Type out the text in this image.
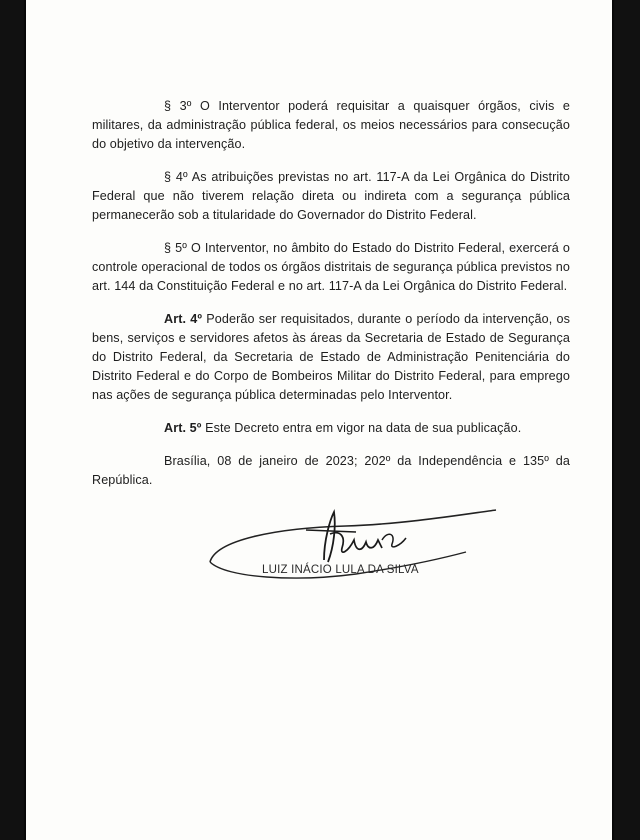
§ 3º O Interventor poderá requisitar a quaisquer órgãos, civis e militares, da administração pública federal, os meios necessários para consecução do objetivo da intervenção.

§ 4º As atribuições previstas no art. 117-A da Lei Orgânica do Distrito Federal que não tiverem relação direta ou indireta com a segurança pública permanecerão sob a titularidade do Governador do Distrito Federal.

§ 5º O Interventor, no âmbito do Estado do Distrito Federal, exercerá o controle operacional de todos os órgãos distritais de segurança pública previstos no art. 144 da Constituição Federal e no art. 117-A da Lei Orgânica do Distrito Federal.

Art. 4º Poderão ser requisitados, durante o período da intervenção, os bens, serviços e servidores afetos às áreas da Secretaria de Estado de Segurança do Distrito Federal, da Secretaria de Estado de Administração Penitenciária do Distrito Federal e do Corpo de Bombeiros Militar do Distrito Federal, para emprego nas ações de segurança pública determinadas pelo Interventor.

Art. 5º Este Decreto entra em vigor na data de sua publicação.

Brasília, 08 de janeiro de 2023; 202º da Independência e 135º da República.

LUIZ INÁCIO LULA DA SILVA
